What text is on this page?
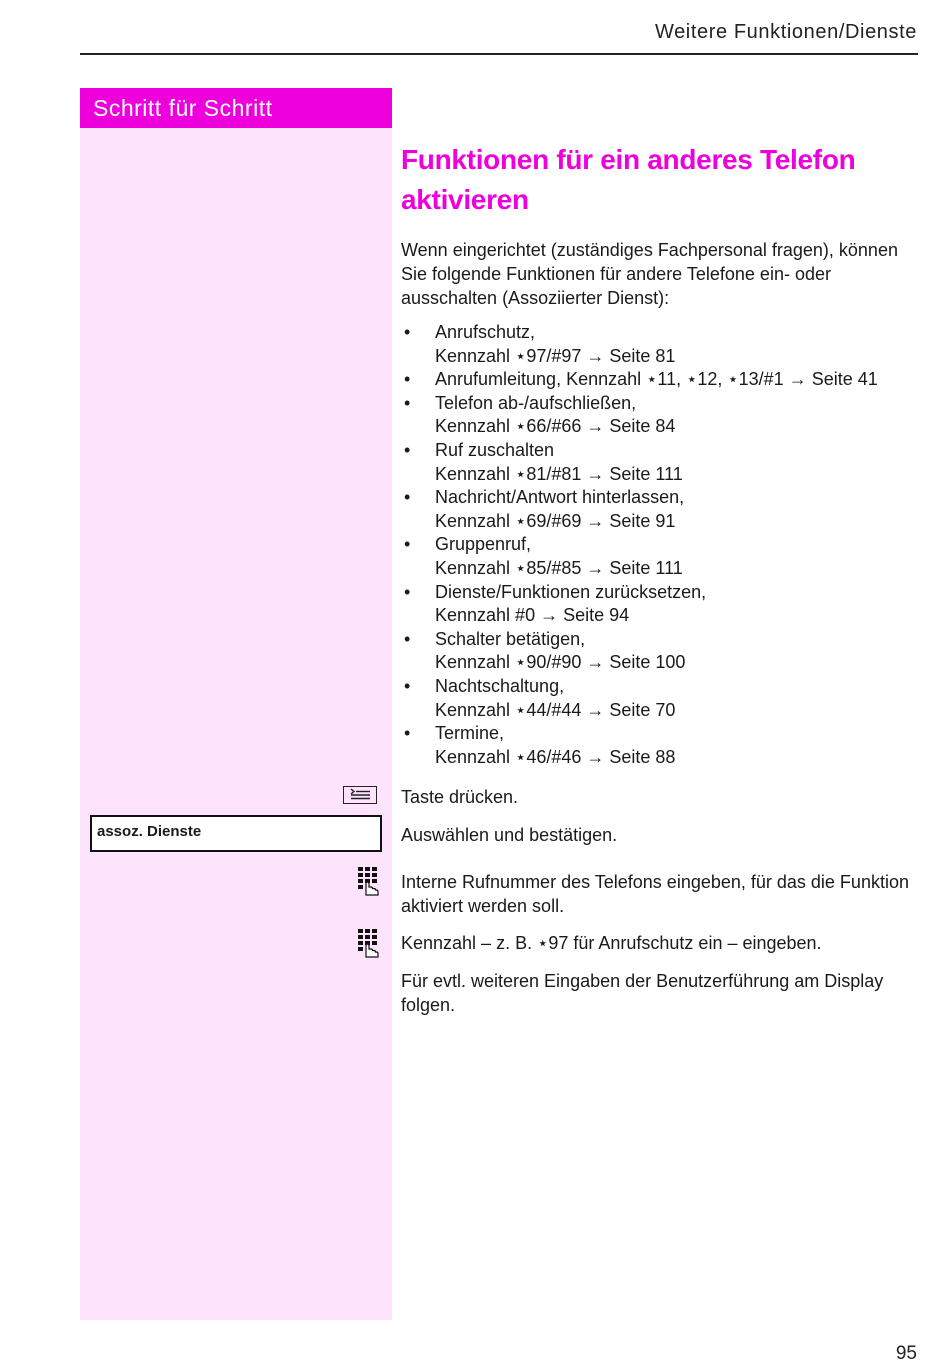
Weitere Funktionen/Dienste
Schritt für Schritt
Funktionen für ein anderes Telefon aktivieren

Wenn eingerichtet (zuständiges Fachpersonal fragen), können Sie folgende Funktionen für andere Telefone ein- oder ausschalten (Assoziierter Dienst):

• Anrufschutz,
Kennzahl ⋆97/#97 → Seite 81
• Anrufumleitung, Kennzahl ⋆11, ⋆12, ⋆13/#1 → Seite 41
• Telefon ab-/aufschließen,
Kennzahl ⋆66/#66 → Seite 84
• Ruf zuschalten
Kennzahl ⋆81/#81 → Seite 111
• Nachricht/Antwort hinterlassen,
Kennzahl ⋆69/#69 → Seite 91
• Gruppenruf,
Kennzahl ⋆85/#85 → Seite 111
• Dienste/Funktionen zurücksetzen,
Kennzahl #0 → Seite 94
• Schalter betätigen,
Kennzahl ⋆90/#90 → Seite 100
• Nachtschaltung,
Kennzahl ⋆44/#44 → Seite 70
• Termine,
Kennzahl ⋆46/#46 → Seite 88

Taste drücken.

assoz. Dienste	Auswählen und bestätigen.

Interne Rufnummer des Telefons eingeben, für das die Funktion aktiviert werden soll.

Kennzahl – z. B. ⋆97 für Anrufschutz ein – eingeben.

Für evtl. weiteren Eingaben der Benutzerführung am Display folgen.

95
